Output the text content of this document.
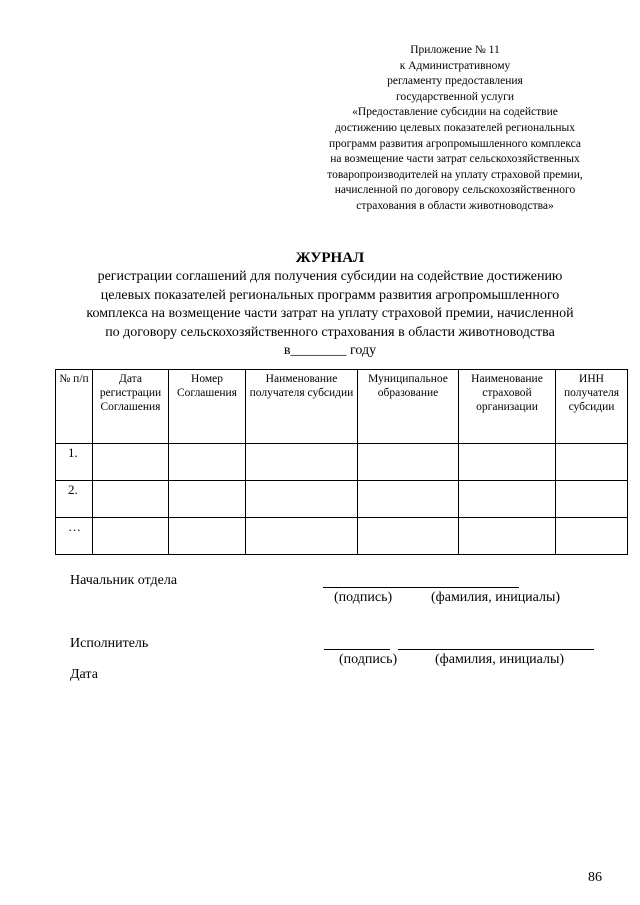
Приложение № 11
к Административному
регламенту предоставления
государственной услуги
«Предоставление субсидии на содействие
достижению целевых показателей региональных
программ развития агропромышленного комплекса
на возмещение части затрат сельскохозяйственных
товаропроизводителей на уплату страховой премии,
начисленной по договору сельскохозяйственного
страхования в области животноводства»
ЖУРНАЛ
регистрации соглашений для получения субсидии на содействие достижению
целевых показателей региональных программ развития агропромышленного
комплекса на возмещение части затрат на уплату страховой премии, начисленной
по договору сельскохозяйственного страхования в области животноводства
в________ году
№ п/п	Дата регистрации Соглашения	Номер Соглашения	Наименование получателя субсидии	Муниципальное образование	Наименование страховой организации	ИНН получателя субсидии
1.						
2.						
…						
Начальник отдела
(подпись)	(фамилия, инициалы)
Исполнитель
(подпись)	(фамилия, инициалы)
Дата
86
